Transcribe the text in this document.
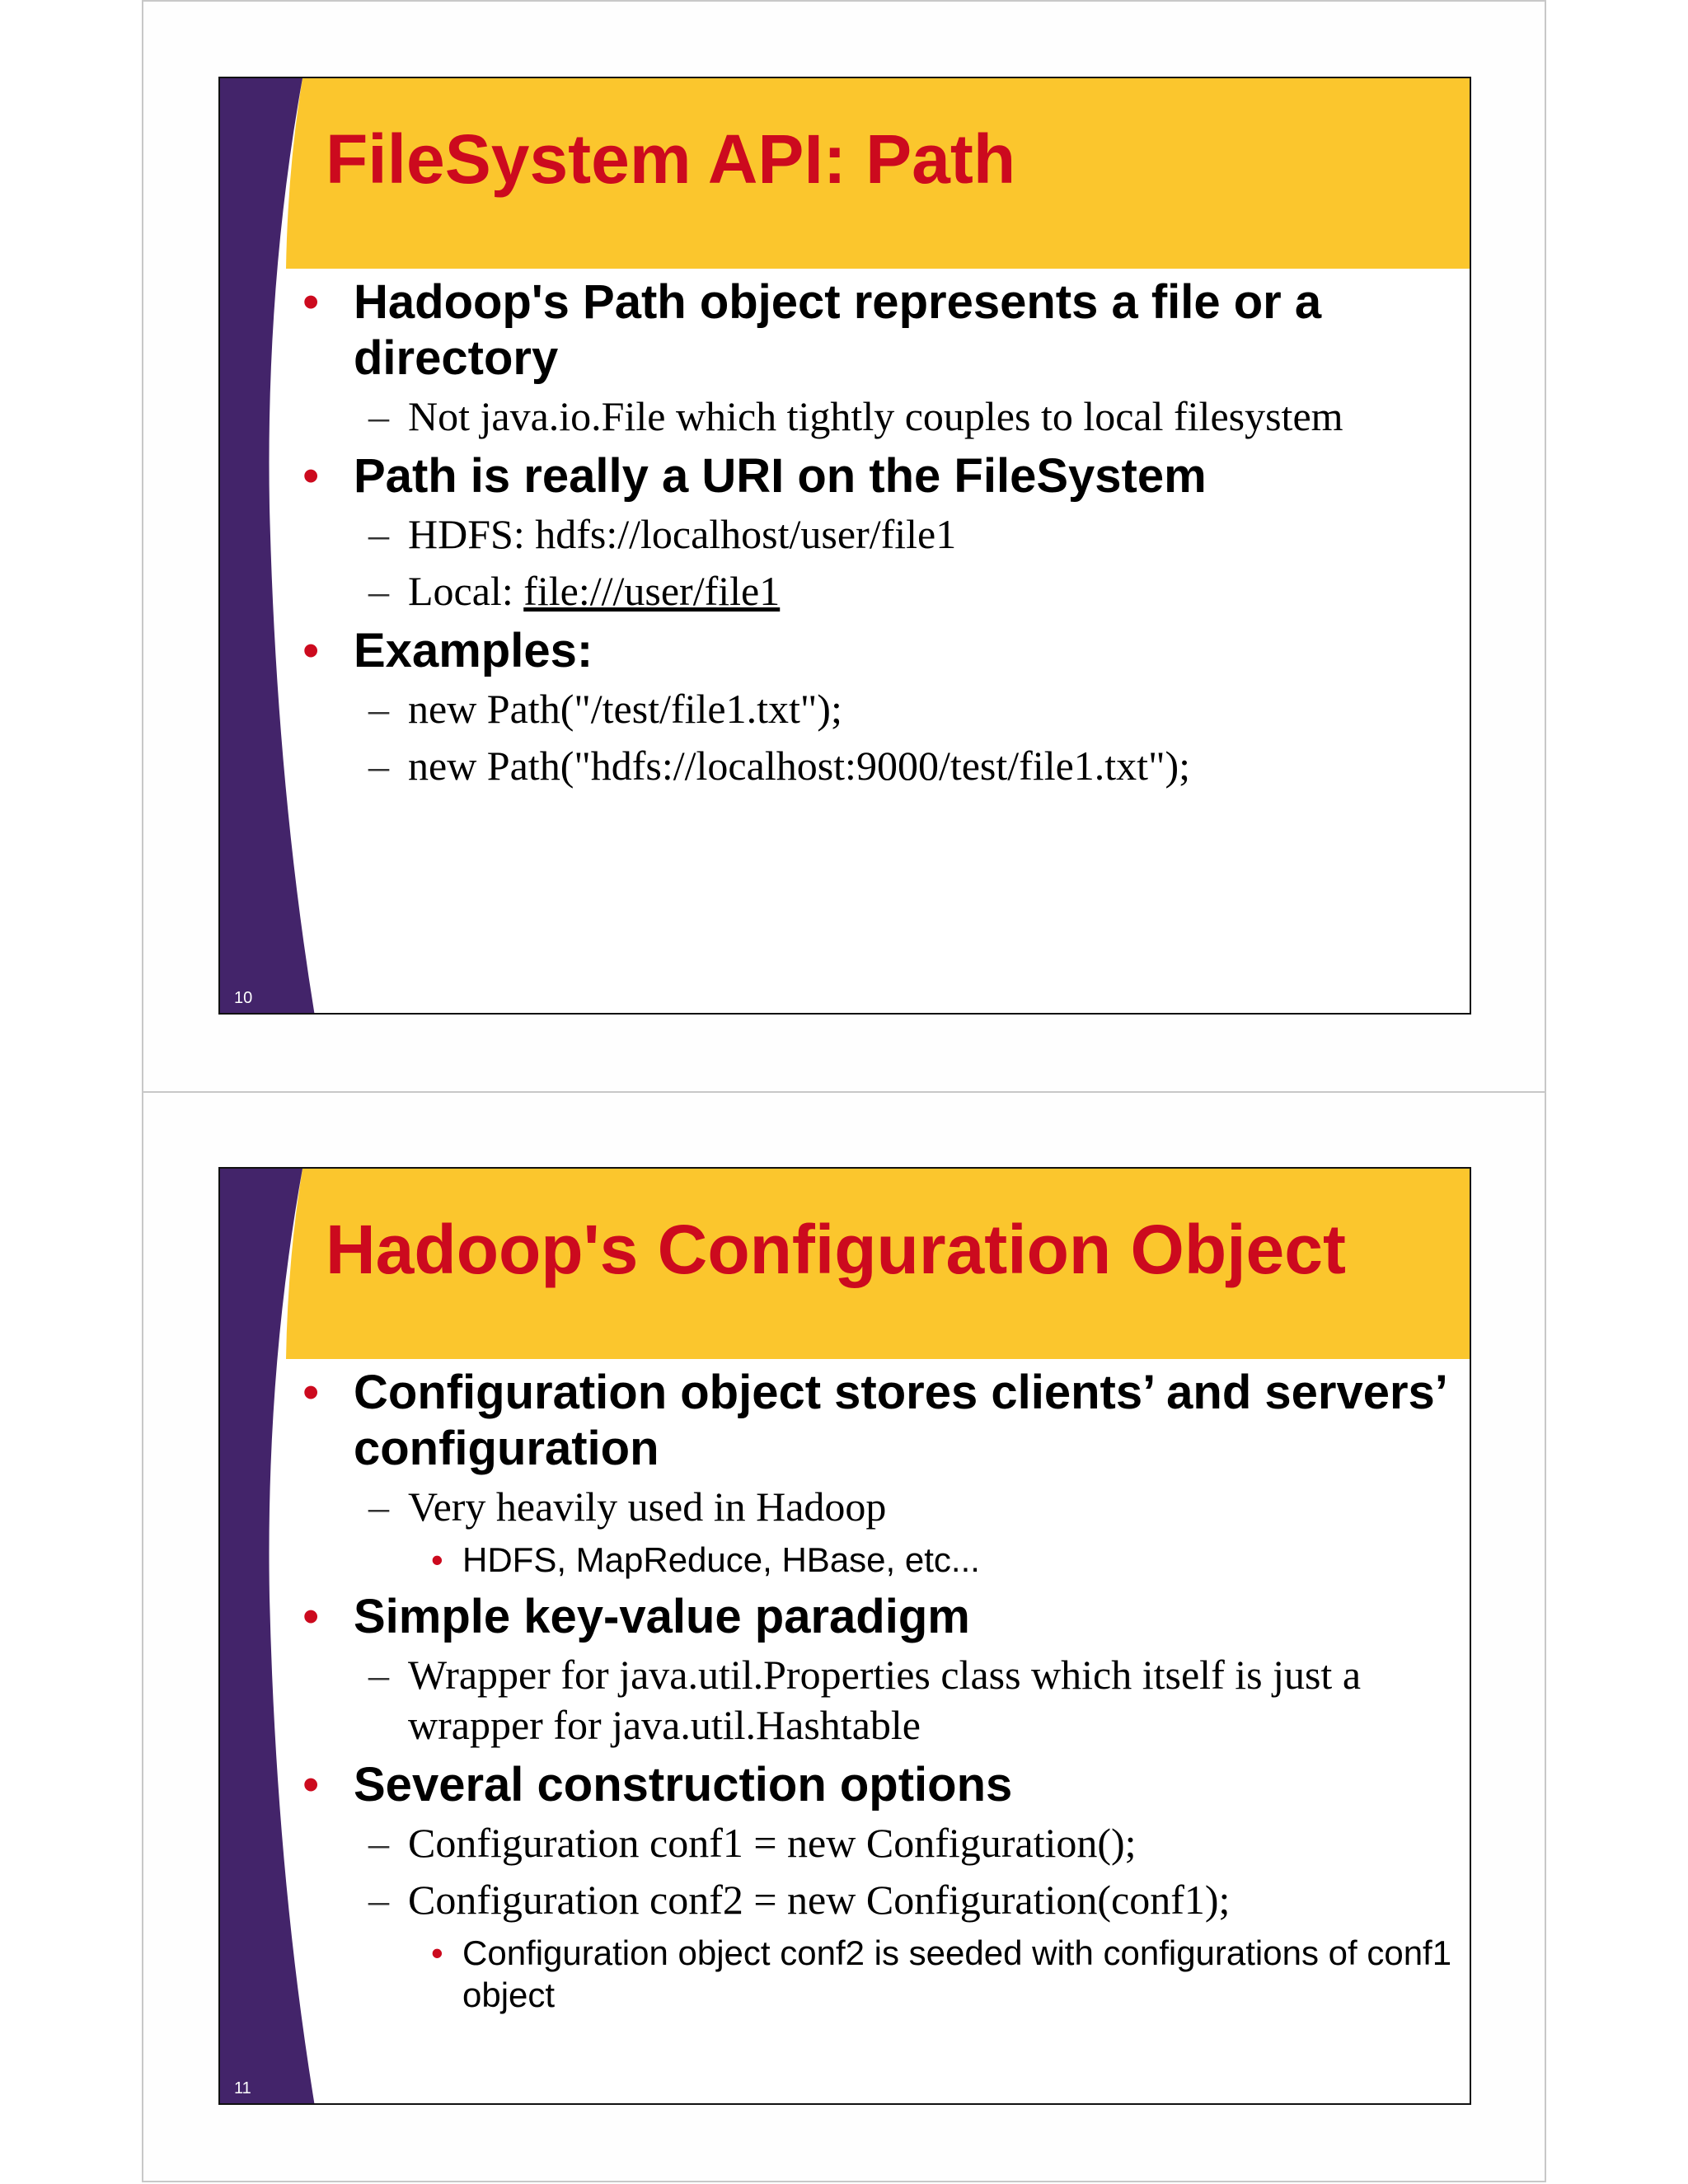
FileSystem API: Path
• Hadoop's Path object represents a file or a directory
– Not java.io.File which tightly couples to local filesystem
• Path is really a URI on the FileSystem
– HDFS: hdfs://localhost/user/file1
– Local: file:///user/file1
• Examples:
– new Path("/test/file1.txt");
– new Path("hdfs://localhost:9000/test/file1.txt");
10
Hadoop's Configuration Object
• Configuration object stores clients’ and servers’ configuration
– Very heavily used in Hadoop
• HDFS, MapReduce, HBase, etc...
• Simple key-value paradigm
– Wrapper for java.util.Properties class which itself is just a wrapper for java.util.Hashtable
• Several construction options
– Configuration conf1 = new Configuration();
– Configuration conf2 = new Configuration(conf1);
• Configuration object conf2 is seeded with configurations of conf1 object
11
